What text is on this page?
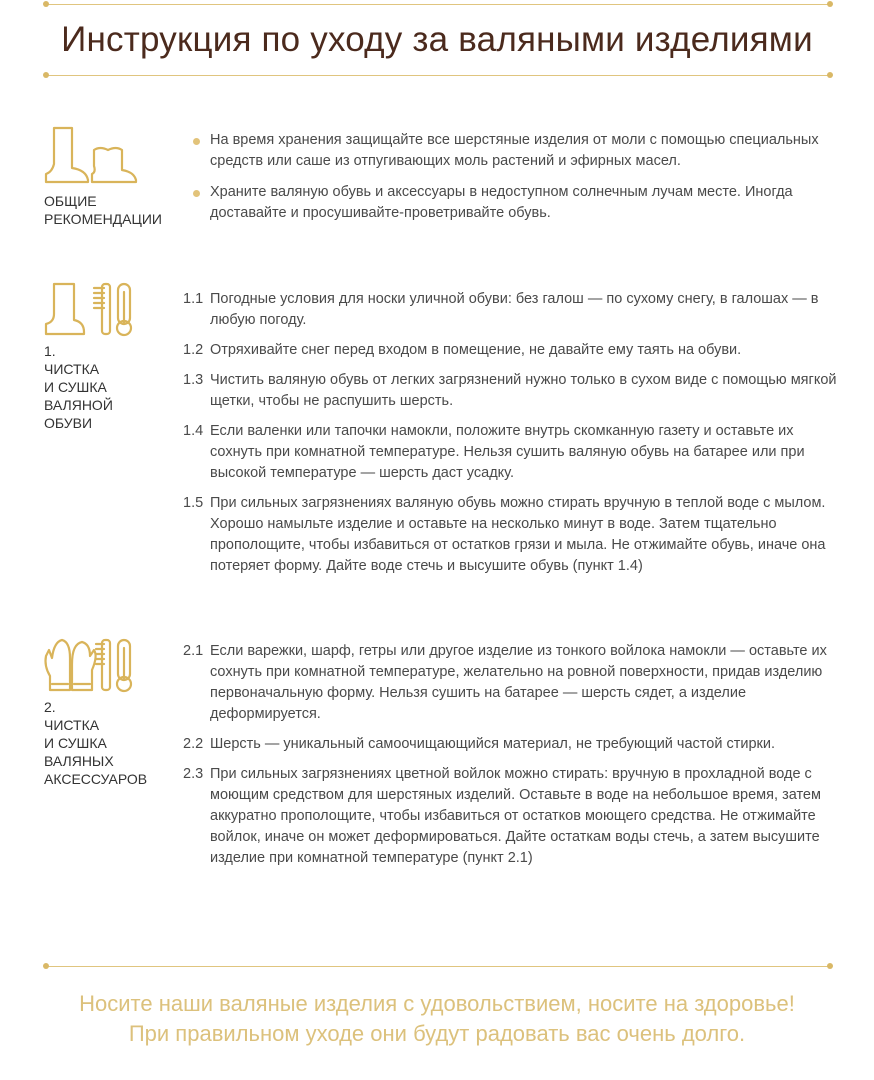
Инструкция по уходу за валяными изделиями
ОБЩИЕ
РЕКОМЕНДАЦИИ
На время хранения защищайте все шерстяные изделия от моли с помощью специальных средств или саше из отпугивающих моль растений и эфирных масел.
Храните валяную обувь и аксессуары в недоступном солнечным лучам месте. Иногда доставайте и просушивайте-проветривайте обувь.
1.
ЧИСТКА
И СУШКА
ВАЛЯНОЙ
ОБУВИ
1.1 Погодные условия для носки уличной обуви: без галош — по сухому снегу, в галошах — в любую погоду.
1.2 Отряхивайте снег перед входом в помещение, не давайте ему таять на обуви.
1.3 Чистить валяную обувь от легких загрязнений нужно только в сухом виде с помощью мягкой щетки, чтобы не распушить шерсть.
1.4 Если валенки или тапочки намокли, положите внутрь скомканную газету и оставьте их сохнуть при комнатной температуре. Нельзя сушить валяную обувь на батарее или при высокой температуре — шерсть даст усадку.
1.5 При сильных загрязнениях валяную обувь можно стирать вручную в теплой воде с мылом. Хорошо намыльте изделие и оставьте на несколько минут в воде. Затем тщательно прополощите, чтобы избавиться от остатков грязи и мыла. Не отжимайте обувь, иначе она потеряет форму. Дайте воде стечь и высушите обувь (пункт 1.4)
2.
ЧИСТКА
И СУШКА
ВАЛЯНЫХ
АКСЕССУАРОВ
2.1 Если варежки, шарф, гетры или другое изделие из тонкого войлока намокли — оставьте их сохнуть при комнатной температуре, желательно на ровной поверхности, придав изделию первоначальную форму. Нельзя сушить на батарее — шерсть сядет, а изделие деформируется.
2.2 Шерсть — уникальный самоочищающийся материал, не требующий частой стирки.
2.3 При сильных загрязнениях цветной войлок можно стирать: вручную в прохладной воде с моющим средством для шерстяных изделий. Оставьте в воде на небольшое время, затем аккуратно прополощите, чтобы избавиться от остатков моющего средства. Не отжимайте войлок, иначе он может деформироваться. Дайте остаткам воды стечь, а затем высушите изделие при комнатной температуре (пункт 2.1)
Носите наши валяные изделия с удовольствием, носите на здоровье!
При правильном уходе они будут радовать вас очень долго.
